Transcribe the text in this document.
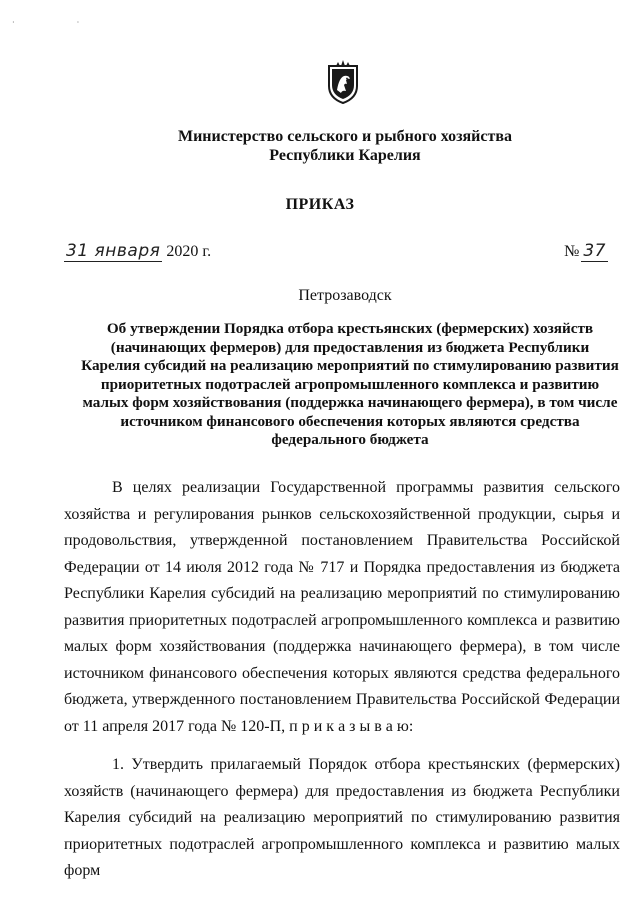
· ·
Министерство сельского и рыбного хозяйства
Республики Карелия
ПРИКАЗ
31 января 2020 г.	№ 37
Петрозаводск
Об утверждении Порядка отбора крестьянских (фермерских) хозяйств (начинающих фермеров) для предоставления из бюджета Республики Карелия субсидий на реализацию мероприятий по стимулированию развития приоритетных подотраслей агропромышленного комплекса и развитию малых форм хозяйствования (поддержка начинающего фермера), в том числе источником финансового обеспечения которых являются средства федерального бюджета

В целях реализации Государственной программы развития сельского хозяйства и регулирования рынков сельскохозяйственной продукции, сырья и продовольствия, утвержденной постановлением Правительства Российской Федерации от 14 июля 2012 года № 717 и Порядка предоставления из бюджета Республики Карелия субсидий на реализацию мероприятий по стимулированию развития приоритетных подотраслей агропромышленного комплекса и развитию малых форм хозяйствования (поддержка начинающего фермера), в том числе источником финансового обеспечения которых являются средства федерального бюджета, утвержденного постановлением Правительства Российской Федерации от 11 апреля 2017 года № 120-П, п р и к а з ы в а ю:

1. Утвердить прилагаемый Порядок отбора крестьянских (фермерских) хозяйств (начинающего фермера) для предоставления из бюджета Республики Карелия субсидий на реализацию мероприятий по стимулированию развития приоритетных подотраслей агропромышленного комплекса и развитию малых форм
